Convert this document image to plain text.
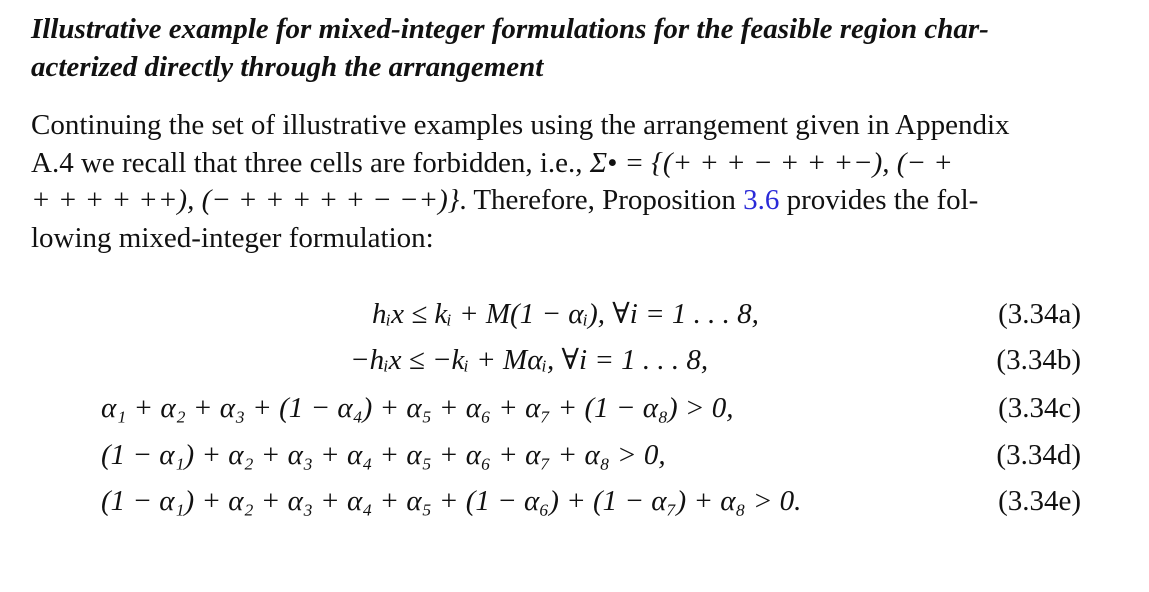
Illustrative example for mixed-integer formulations for the feasible region char-
acterized directly through the arrangement
Continuing the set of illustrative examples using the arrangement given in Appendix
A.4 we recall that three cells are forbidden, i.e., Σ• = {(+ + + − + + +−), (− +
+ + + + ++), (− + + + + + − −+)}. Therefore, Proposition 3.6 provides the fol-
lowing mixed-integer formulation:
hᵢx ≤ kᵢ + M(1 − αᵢ), ∀i = 1 . . . 8,	(3.34a)
−hᵢx ≤ −kᵢ + Mαᵢ, ∀i = 1 . . . 8,	(3.34b)
α₁ + α₂ + α₃ + (1 − α₄) + α₅ + α₆ + α₇ + (1 − α₈) > 0,	(3.34c)
(1 − α₁) + α₂ + α₃ + α₄ + α₅ + α₆ + α₇ + α₈ > 0,	(3.34d)
(1 − α₁) + α₂ + α₃ + α₄ + α₅ + (1 − α₆) + (1 − α₇) + α₈ > 0.	(3.34e)
